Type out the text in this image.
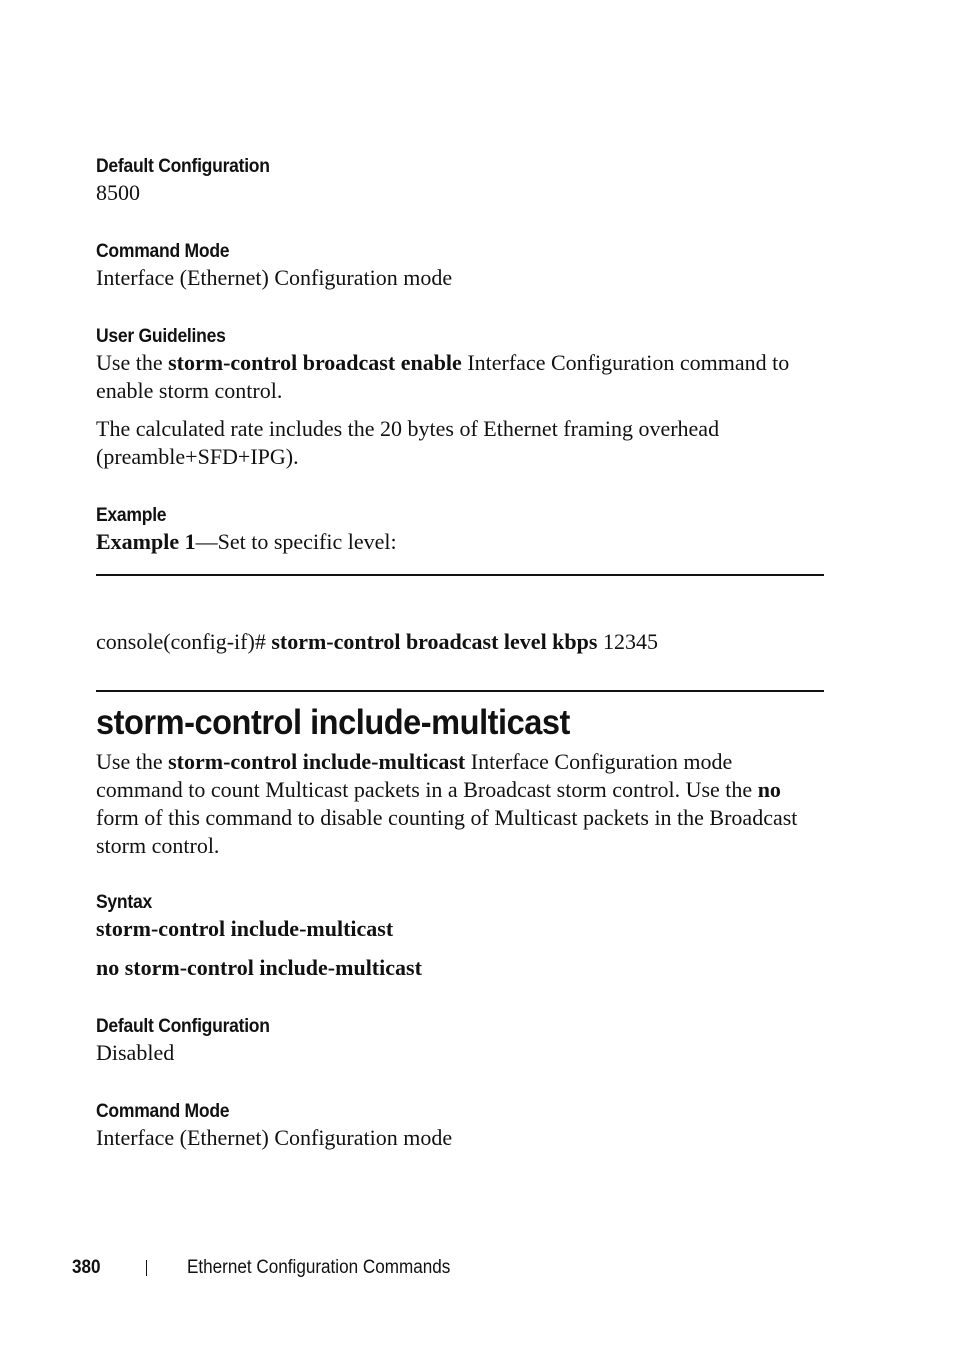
Default Configuration

8500

Command Mode

Interface (Ethernet) Configuration mode

User Guidelines

Use the storm-control broadcast enable Interface Configuration command to enable storm control.

The calculated rate includes the 20 bytes of Ethernet framing overhead (preamble+SFD+IPG).

Example

Example 1—Set to specific level:

console(config-if)# storm-control broadcast level kbps 12345

storm-control include-multicast

Use the storm-control include-multicast Interface Configuration mode command to count Multicast packets in a Broadcast storm control. Use the no form of this command to disable counting of Multicast packets in the Broadcast storm control.

Syntax

storm-control include-multicast

no storm-control include-multicast

Default Configuration

Disabled

Command Mode

Interface (Ethernet) Configuration mode

380	Ethernet Configuration Commands
